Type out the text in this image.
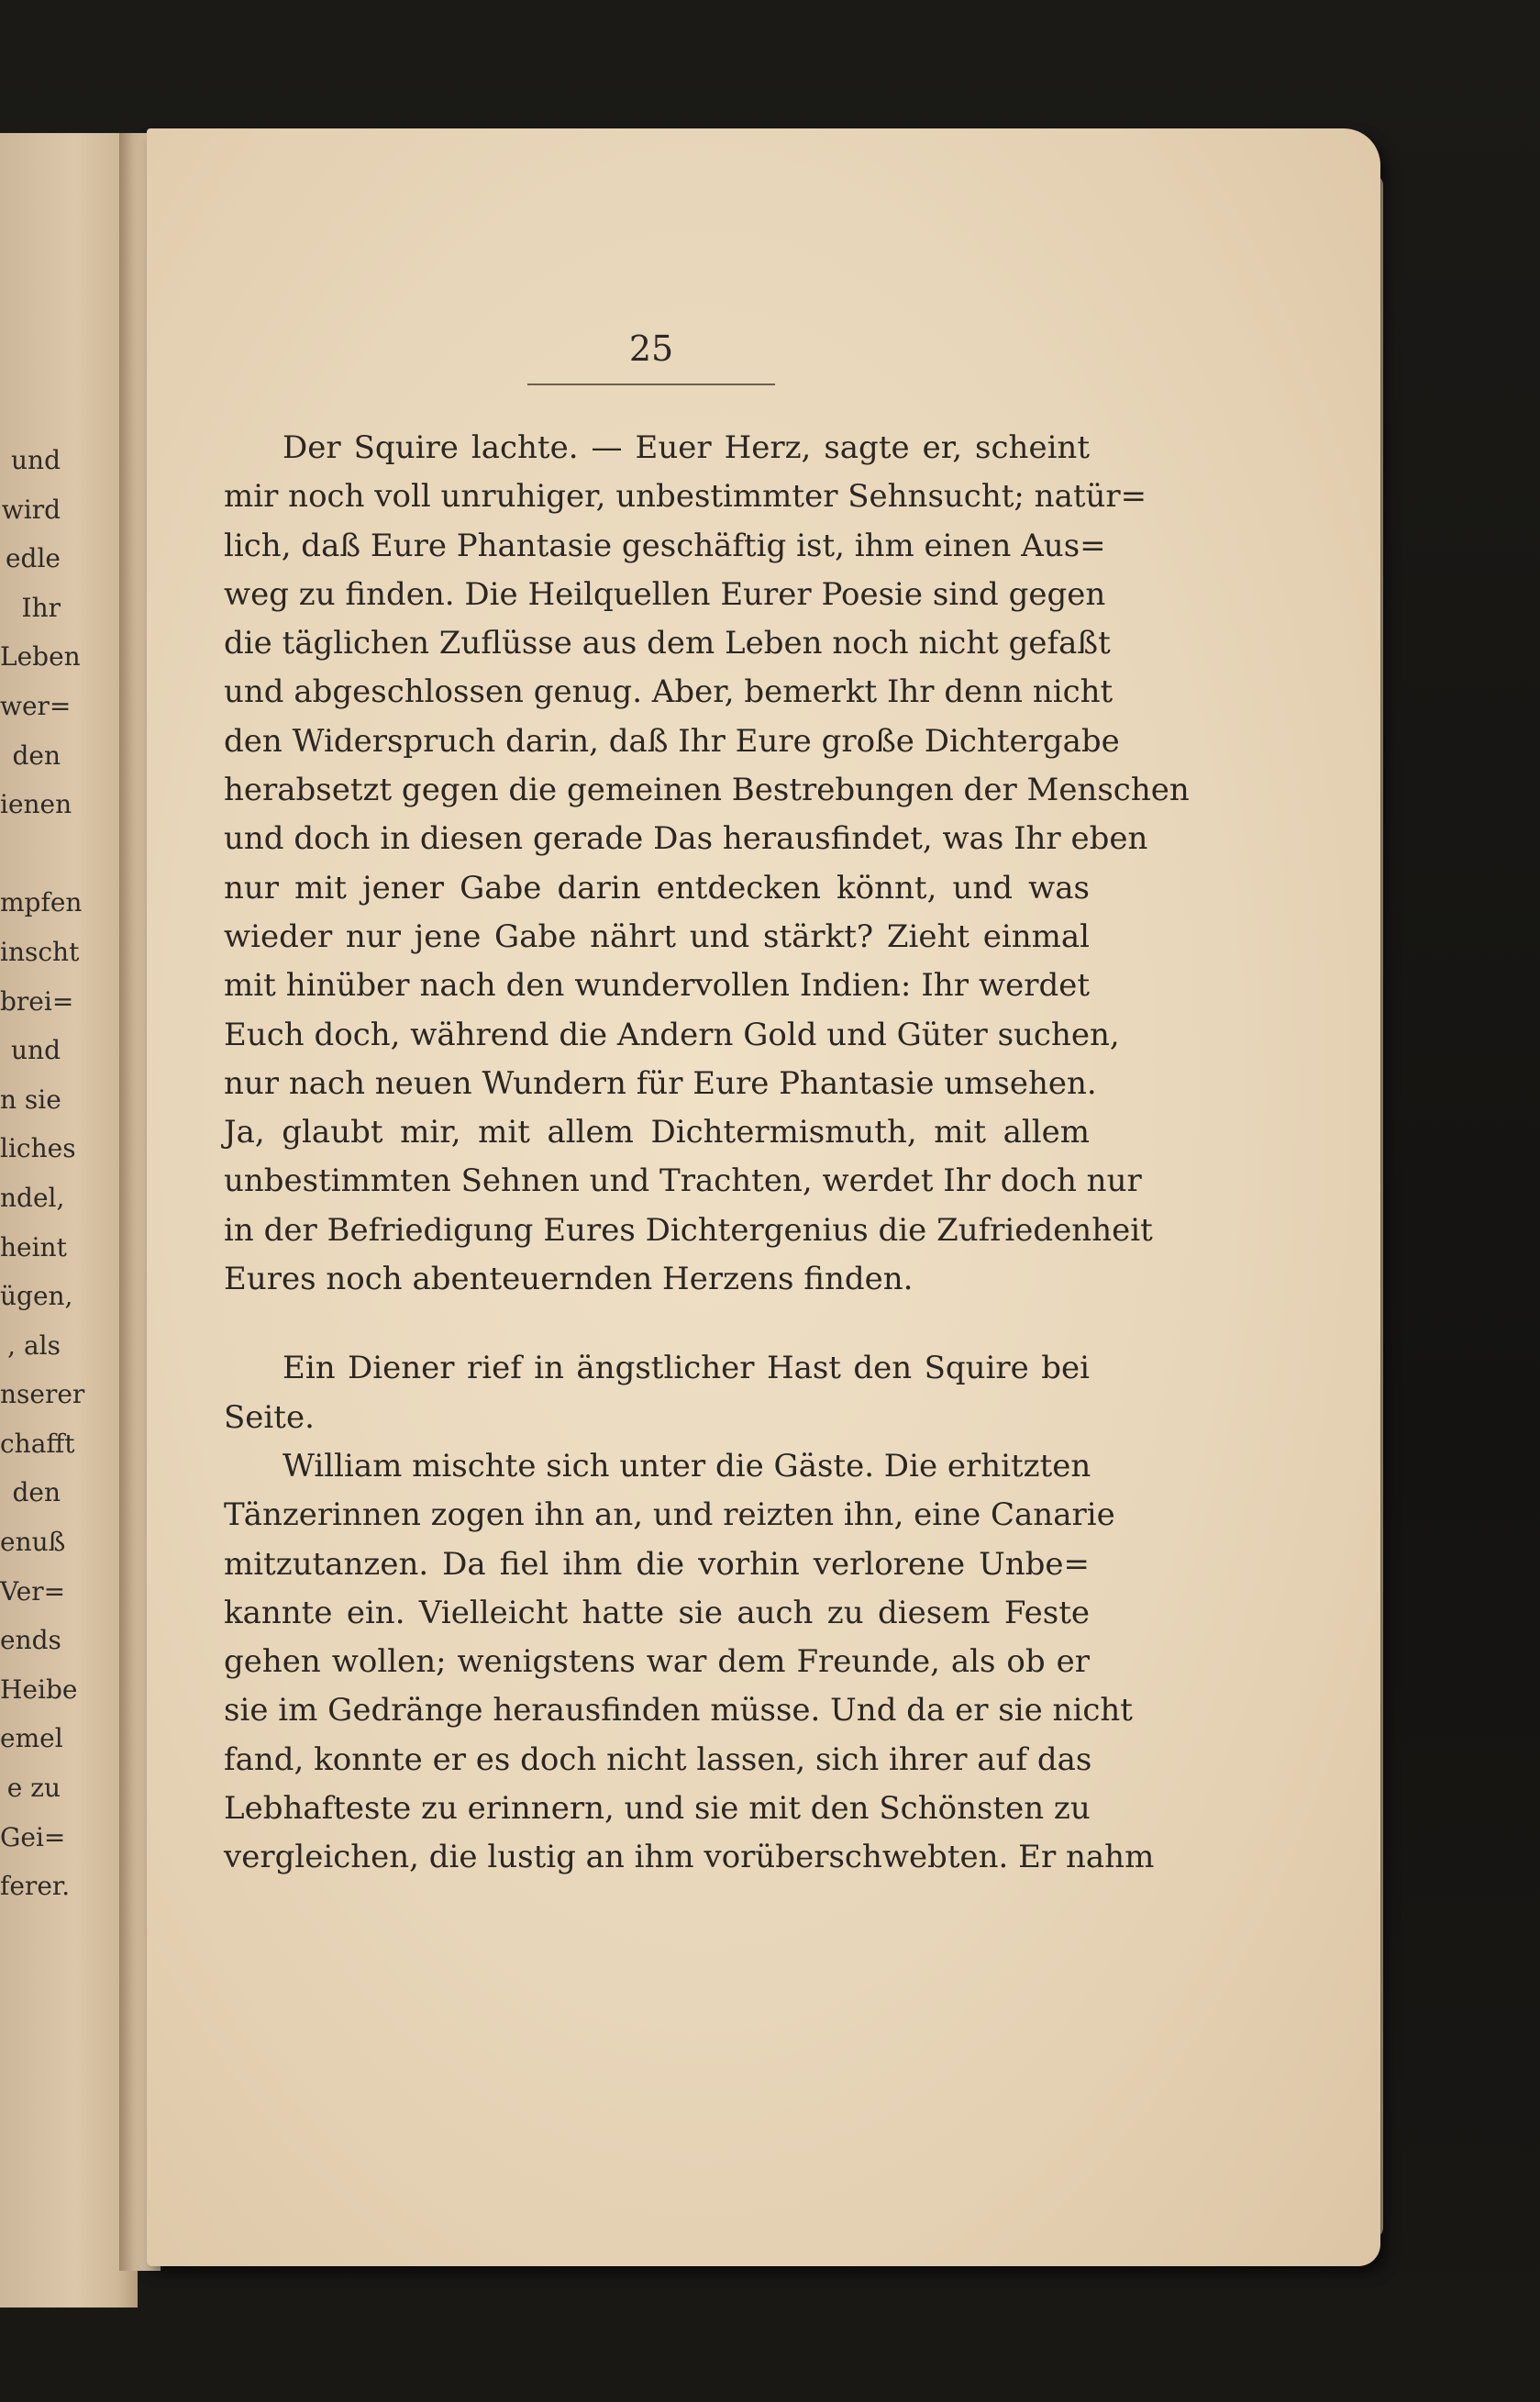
und
wird
edle
Ihr
Leben
wer=
den
ienen
mpfen
inscht
brei=
und
n sie
liches
ndel,
heint
ügen,
, als
nserer
chafft
den
enuß
Ver=
ends
Heibe
emel
e zu
Gei=
ferer.
25
Der Squire lachte. — Euer Herz, sagte er, scheint
mir noch voll unruhiger, unbestimmter Sehnsucht; natür=
lich, daß Eure Phantasie geschäftig ist, ihm einen Aus=
weg zu finden. Die Heilquellen Eurer Poesie sind gegen
die täglichen Zuflüsse aus dem Leben noch nicht gefaßt
und abgeschlossen genug. Aber, bemerkt Ihr denn nicht
den Widerspruch darin, daß Ihr Eure große Dichtergabe
herabsetzt gegen die gemeinen Bestrebungen der Menschen
und doch in diesen gerade Das herausfindet, was Ihr eben
nur mit jener Gabe darin entdecken könnt, und was
wieder nur jene Gabe nährt und stärkt? Zieht einmal
mit hinüber nach den wundervollen Indien: Ihr werdet
Euch doch, während die Andern Gold und Güter suchen,
nur nach neuen Wundern für Eure Phantasie umsehen.
Ja, glaubt mir, mit allem Dichtermismuth, mit allem
unbestimmten Sehnen und Trachten, werdet Ihr doch nur
in der Befriedigung Eures Dichtergenius die Zufriedenheit
Eures noch abenteuernden Herzens finden.
Ein Diener rief in ängstlicher Hast den Squire bei
Seite.
William mischte sich unter die Gäste. Die erhitzten
Tänzerinnen zogen ihn an, und reizten ihn, eine Canarie
mitzutanzen. Da fiel ihm die vorhin verlorene Unbe=
kannte ein. Vielleicht hatte sie auch zu diesem Feste
gehen wollen; wenigstens war dem Freunde, als ob er
sie im Gedränge herausfinden müsse. Und da er sie nicht
fand, konnte er es doch nicht lassen, sich ihrer auf das
Lebhafteste zu erinnern, und sie mit den Schönsten zu
vergleichen, die lustig an ihm vorüberschwebten. Er nahm
